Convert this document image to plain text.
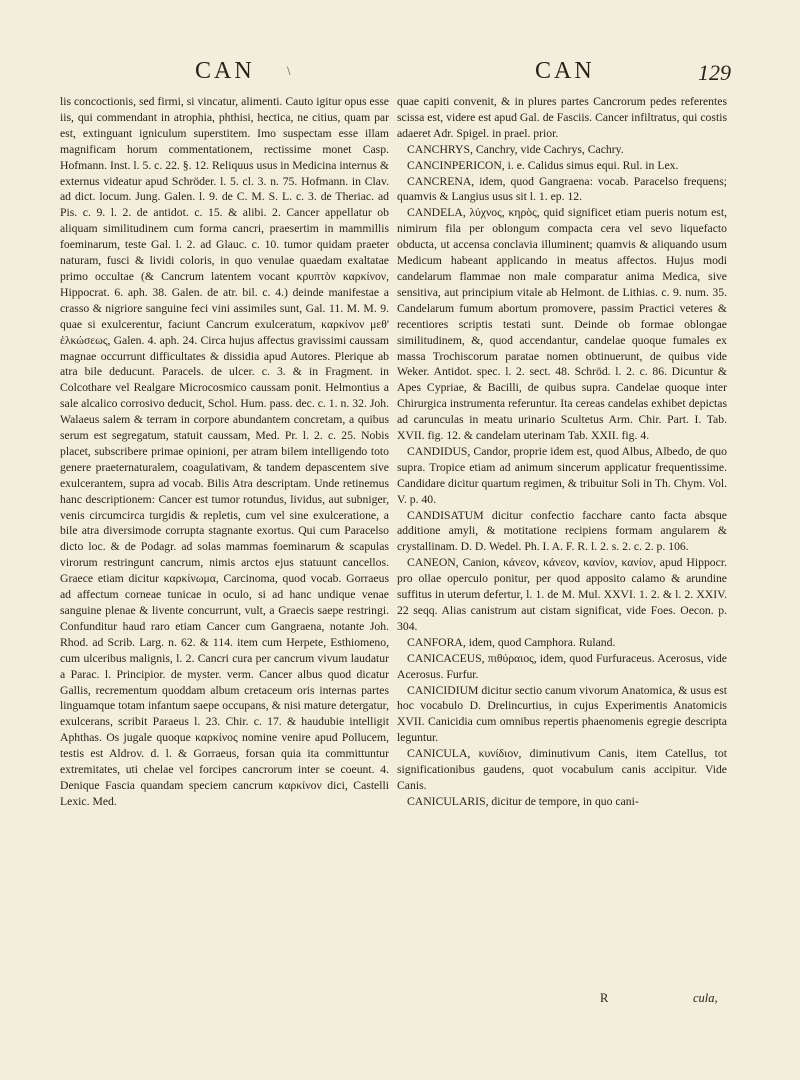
CAN	\	CAN	129

lis concoctionis, sed firmi, si vincatur, alimenti. Cauto igitur opus esse iis, qui commendant in atrophia, phthisi, hectica, ne citius, quam par est, extinguant igniculum superstitem. Imo suspectam esse illam magnificam horum commentationem, rectissime monet Casp. Hofmann. Inst. l. 5. c. 22. §. 12. Reliquus usus in Medicina internus & externus videatur apud Schröder. l. 5. cl. 3. n. 75. Hofmann. in Clav. ad dict. locum. Jung. Galen. l. 9. de C. M. S. L. c. 3. de Theriac. ad Pis. c. 9. l. 2. de antidot. c. 15. & alibi. 2. Cancer appellatur ob aliquam similitudinem cum forma cancri, praesertim in mammillis foeminarum, teste Gal. l. 2. ad Glauc. c. 10. tumor quidam praeter naturam, fusci & lividi coloris, in quo venulae quaedam exaltatae primo occultae (& Cancrum latentem vocant κρυπτὸν καρκίνον, Hippocrat. 6. aph. 38. Galen. de atr. bil. c. 4.) deinde manifestae a crasso & nigriore sanguine feci vini assimiles sunt, Gal. 11. M. M. 9. quae si exulcerentur, faciunt Cancrum exulceratum, καρκίνον μεθ' ἑλκώσεως, Galen. 4. aph. 24. Circa hujus affectus gravissimi caussam magnae occurrunt difficultates & dissidia apud Autores. Plerique ab atra bile deducunt. Paracels. de ulcer. c. 3. & in Fragment. in Colcothare vel Realgare Microcosmico caussam ponit. Helmontius a sale alcalico corrosivo deducit, Schol. Hum. pass. dec. c. 1. n. 32. Joh. Walaeus salem & terram in corpore abundantem concretam, a quibus serum est segregatum, statuit caussam, Med. Pr. l. 2. c. 25. Nobis placet, subscribere primae opinioni, per atram bilem intelligendo toto genere praeternaturalem, coagulativam, & tandem depascentem sive exulcerantem, supra ad vocab. Bilis Atra descriptam. Unde retinemus hanc descriptionem: Cancer est tumor rotundus, lividus, aut subniger, venis circumcirca turgidis & repletis, cum vel sine exulceratione, a bile atra diversimode corrupta stagnante exortus. Qui cum Paracelso dicto loc. & de Podagr. ad solas mammas foeminarum & scapulas virorum restringunt cancrum, nimis arctos ejus statuunt cancellos. Graece etiam dicitur καρκίνωμα, Carcinoma, quod vocab. Gorraeus ad affectum corneae tunicae in oculo, si ad hanc undique venae sanguine plenae & livente concurrunt, vult, a Graecis saepe restringi. Confunditur haud raro etiam Cancer cum Gangraena, notante Joh. Rhod. ad Scrib. Larg. n. 62. & 114. item cum Herpete, Esthiomeno, cum ulceribus malignis, l. 2. Cancri cura per cancrum vivum laudatur a Parac. l. Principior. de myster. verm. Cancer albus quod dicatur Gallis, recrementum quoddam album cretaceum oris internas partes linguamque totam infantum saepe occupans, & nisi mature detergatur, exulcerans, scribit Paraeus l. 23. Chir. c. 17. & haudubie intelligit Aphthas. Os jugale quoque καρκίνος nomine venire apud Pollucem, testis est Aldrov. d. l. & Gorraeus, forsan quia ita committuntur extremitates, uti chelae vel forcipes cancrorum inter se coeunt. 4. Denique Fascia quandam speciem cancrum καρκίνον dici, Castelli Lexic. Med.

quae capiti convenit, & in plures partes Cancrorum pedes referentes scissa est, videre est apud Gal. de Fasciis. Cancer infiltratus, qui costis adaeret Adr. Spigel. in prael. prior.

CANCHRYS, Canchry, vide Cachrys, Cachry.

CANCINPERICON, i. e. Calidus simus equi. Rul. in Lex.

CANCRENA, idem, quod Gangraena: vocab. Paracelso frequens; quamvis & Langius usus sit l. 1. ep. 12.

CANDELA, λύχνος, κηρὸς, quid significet etiam pueris notum est, nimirum fila per oblongum compacta cera vel sevo liquefacto obducta, ut accensa conclavia illuminent; quamvis & aliquando usum Medicum habeant applicando in meatus affectos. Hujus modi candelarum flammae non male comparatur anima Medica, sive sensitiva, aut principium vitale ab Helmont. de Lithias. c. 9. num. 35. Candelarum fumum abortum promovere, passim Practici veteres & recentiores scriptis testati sunt. Deinde ob formae oblongae similitudinem, &, quod accendantur, candelae quoque fumales ex massa Trochiscorum paratae nomen obtinuerunt, de quibus vide Weker. Antidot. spec. l. 2. sect. 48. Schröd. l. 2. c. 86. Dicuntur & Apes Cypriae, & Bacilli, de quibus supra. Candelae quoque inter Chirurgica instrumenta referuntur. Ita cereas candelas exhibet depictas ad carunculas in meatu urinario Scultetus Arm. Chir. Part. I. Tab. XVII. fig. 12. & candelam uterinam Tab. XXII. fig. 4.

CANDIDUS, Candor, proprie idem est, quod Albus, Albedo, de quo supra. Tropice etiam ad animum sincerum applicatur frequentissime. Candidare dicitur quartum regimen, & tribuitur Soli in Th. Chym. Vol. V. p. 40.

CANDISATUM dicitur confectio facchare canto facta absque additione amyli, & motitatione recipiens formam angularem & crystallinam. D. D. Wedel. Ph. I. A. F. R. l. 2. s. 2. c. 2. p. 106.

CANEON, Canion, κάνεον, κάνεον, κανίον, κανίον, apud Hippocr. pro ollae operculo ponitur, per quod apposito calamo & arundine suffitus in uterum defertur, l. 1. de M. Mul. XXVI. 1. 2. & l. 2. XXIV. 22 seqq. Alias canistrum aut cistam significat, vide Foes. Oecon. p. 304.

CANFORA, idem, quod Camphora. Ruland.

CANICACEUS, πιθύραιος, idem, quod Furfuraceus. Acerosus, vide Acerosus. Furfur.

CANICIDIUM dicitur sectio canum vivorum Anatomica, & usus est hoc vocabulo D. Drelincurtius, in cujus Experimentis Anatomicis XVII. Canicidia cum omnibus repertis phaenomenis egregie descripta leguntur.

CANICULA, κυνίδιον, diminutivum Canis, item Catellus, tot significationibus gaudens, quot vocabulum canis accipitur. Vide Canis.

CANICULARIS, dicitur de tempore, in quo cani-

R	cula,
